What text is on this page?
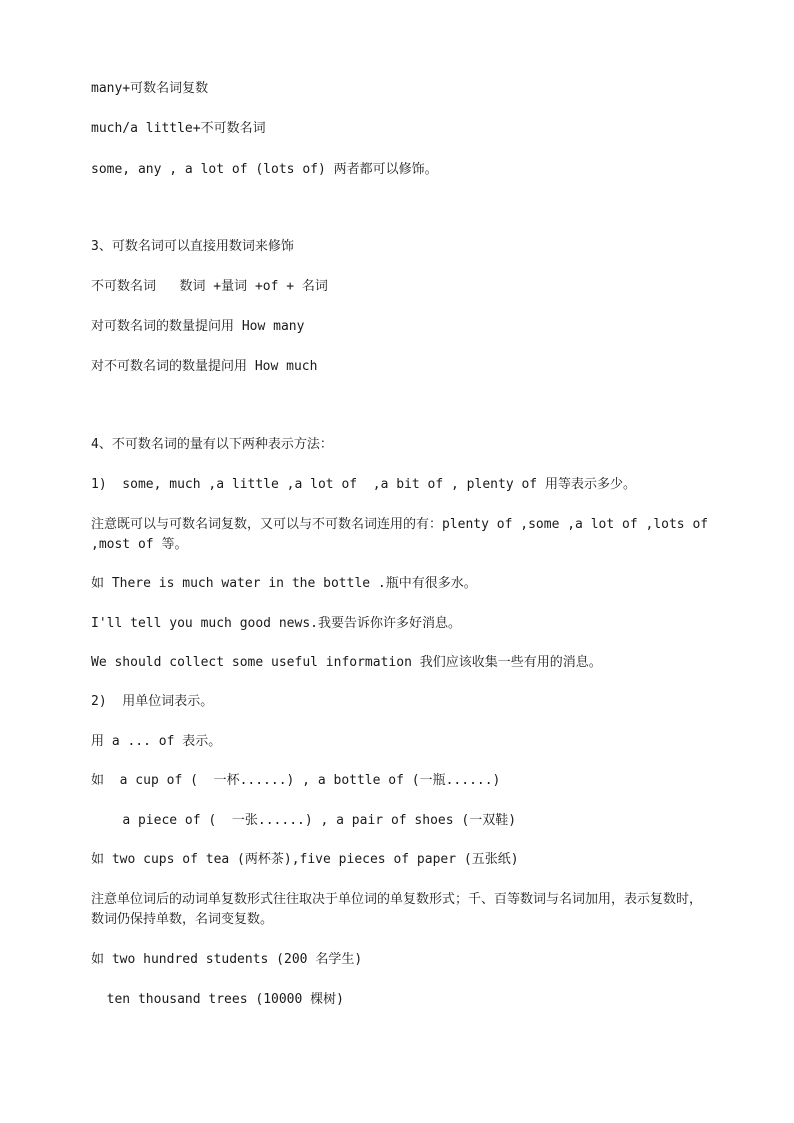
many+可数名词复数
much/a little+不可数名词
some, any , a lot of (lots of) 两者都可以修饰。
3、可数名词可以直接用数词来修饰
不可数名词   数词 +量词 +of + 名词
对可数名词的数量提问用 How many
对不可数名词的数量提问用 How much
4、不可数名词的量有以下两种表示方法：
1)  some, much ,a little ,a lot of  ,a bit of , plenty of 用等表示多少。
注意既可以与可数名词复数，又可以与不可数名词连用的有：plenty of ,some ,a lot of ,lots of  ,most of 等。
如 There is much water in the bottle .瓶中有很多水。
I'll tell you much good news.我要告诉你许多好消息。
We should collect some useful information 我们应该收集一些有用的消息。
2)  用单位词表示。
用 a ... of 表示。
如  a cup of (  一杯......) , a bottle of (一瓶......)
a piece of (  一张......) , a pair of shoes (一双鞋)
如 two cups of tea (两杯茶),five pieces of paper (五张纸)
注意单位词后的动词单复数形式往往取决于单位词的单复数形式；千、百等数词与名词加用，表示复数时，数词仍保持单数，名词变复数。
如 two hundred students (200 名学生)
ten thousand trees (10000 棵树)
